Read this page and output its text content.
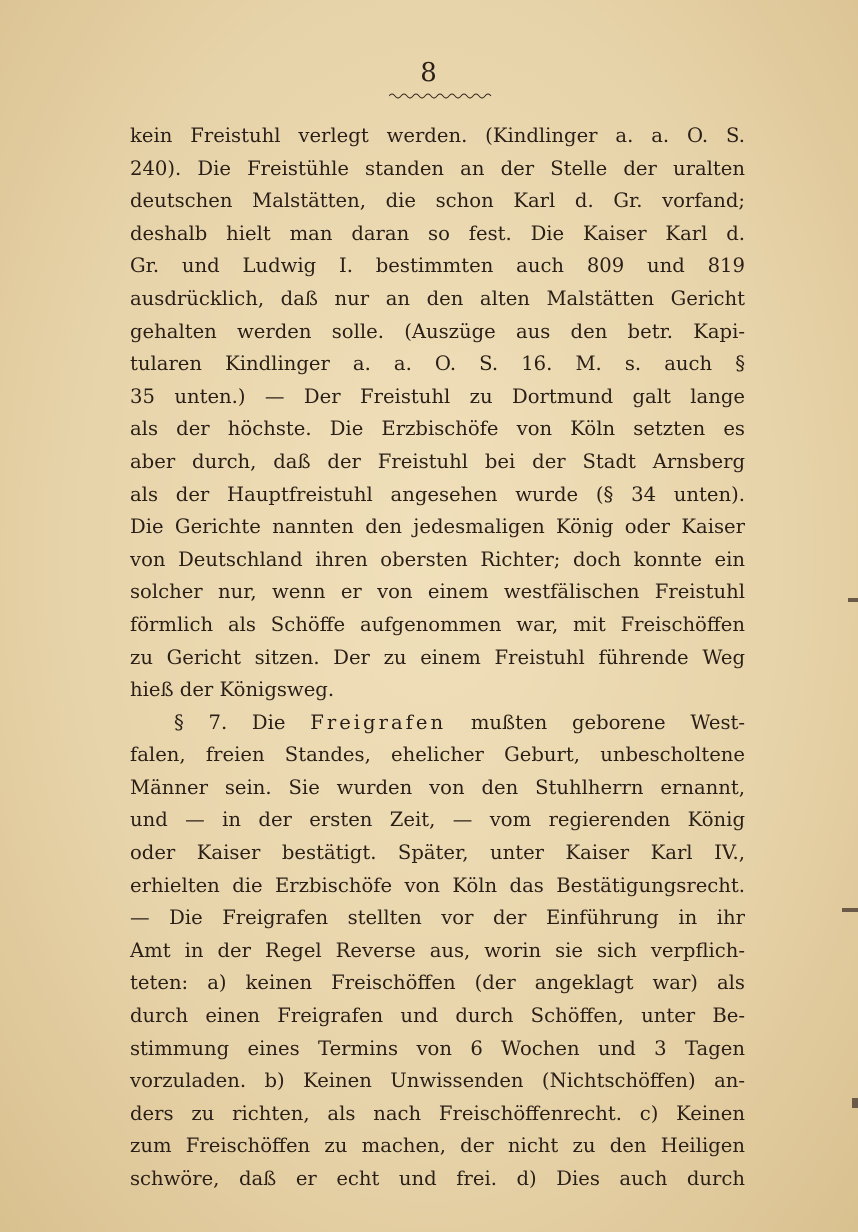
8
kein Freistuhl verlegt werden. (Kindlinger a. a. O. S.
240). Die Freistühle standen an der Stelle der uralten
deutschen Malstätten, die schon Karl d. Gr. vorfand;
deshalb hielt man daran so fest. Die Kaiser Karl d.
Gr. und Ludwig I. bestimmten auch 809 und 819
ausdrücklich, daß nur an den alten Malstätten Gericht
gehalten werden solle. (Auszüge aus den betr. Kapi-
tularen Kindlinger a. a. O. S. 16. M. s. auch §
35 unten.) — Der Freistuhl zu Dortmund galt lange
als der höchste. Die Erzbischöfe von Köln setzten es
aber durch, daß der Freistuhl bei der Stadt Arnsberg
als der Hauptfreistuhl angesehen wurde (§ 34 unten).
Die Gerichte nannten den jedesmaligen König oder Kaiser
von Deutschland ihren obersten Richter; doch konnte ein
solcher nur, wenn er von einem westfälischen Freistuhl
förmlich als Schöffe aufgenommen war, mit Freischöffen
zu Gericht sitzen. Der zu einem Freistuhl führende Weg
hieß der Königsweg.
§ 7. Die Freigrafen mußten geborene West-
falen, freien Standes, ehelicher Geburt, unbescholtene
Männer sein. Sie wurden von den Stuhlherrn ernannt,
und — in der ersten Zeit, — vom regierenden König
oder Kaiser bestätigt. Später, unter Kaiser Karl IV.,
erhielten die Erzbischöfe von Köln das Bestätigungsrecht.
— Die Freigrafen stellten vor der Einführung in ihr
Amt in der Regel Reverse aus, worin sie sich verpflich-
teten: a) keinen Freischöffen (der angeklagt war) als
durch einen Freigrafen und durch Schöffen, unter Be-
stimmung eines Termins von 6 Wochen und 3 Tagen
vorzuladen. b) Keinen Unwissenden (Nichtschöffen) an-
ders zu richten, als nach Freischöffenrecht. c) Keinen
zum Freischöffen zu machen, der nicht zu den Heiligen
schwöre, daß er echt und frei. d) Dies auch durch
